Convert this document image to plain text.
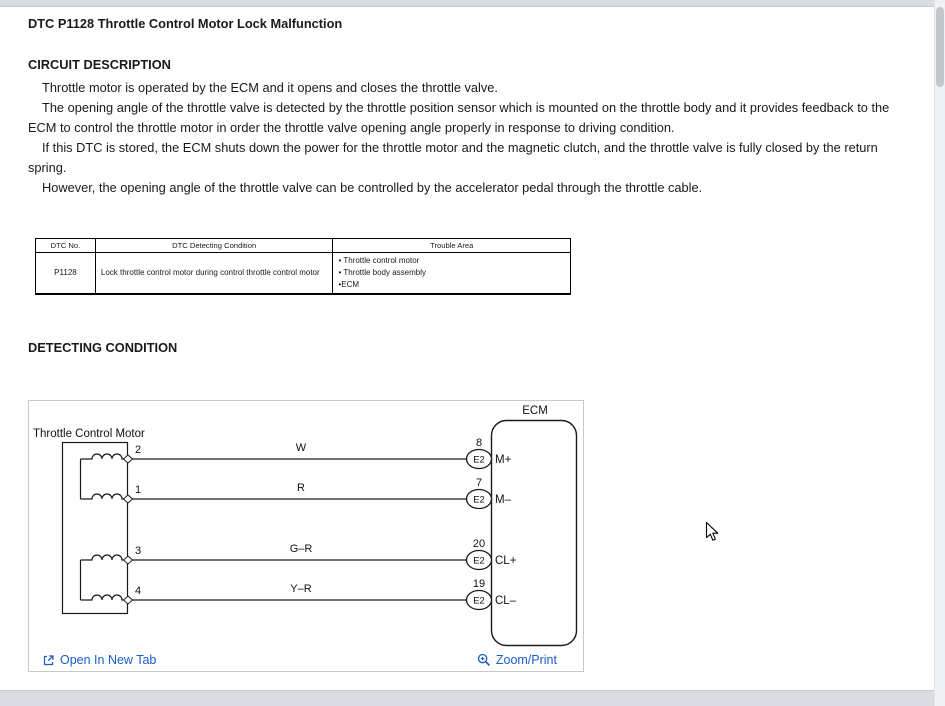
DTC P1128 Throttle Control Motor Lock Malfunction
CIRCUIT DESCRIPTION

Throttle motor is operated by the ECM and it opens and closes the throttle valve.

The opening angle of the throttle valve is detected by the throttle position sensor which is mounted on the throttle body and it provides feedback to the ECM to control the throttle motor in order the throttle valve opening angle properly in response to driving condition.

If this DTC is stored, the ECM shuts down the power for the throttle motor and the magnetic clutch, and the throttle valve is fully closed by the return spring.

However, the opening angle of the throttle valve can be controlled by the accelerator pedal through the throttle cable.

DTC No.	DTC Detecting Condition	Trouble Area
P1128	Lock throttle control motor during control throttle control motor	• Throttle control motor
• Throttle body assembly
•ECM
DETECTING CONDITION
ECM
Throttle Control Motor
2	W	8
E2 M+
1	R	7
E2 M–
3	G–R	20
E2 CL+
4	Y–R	19
E2 CL–
Open In New Tab	Zoom/Print
